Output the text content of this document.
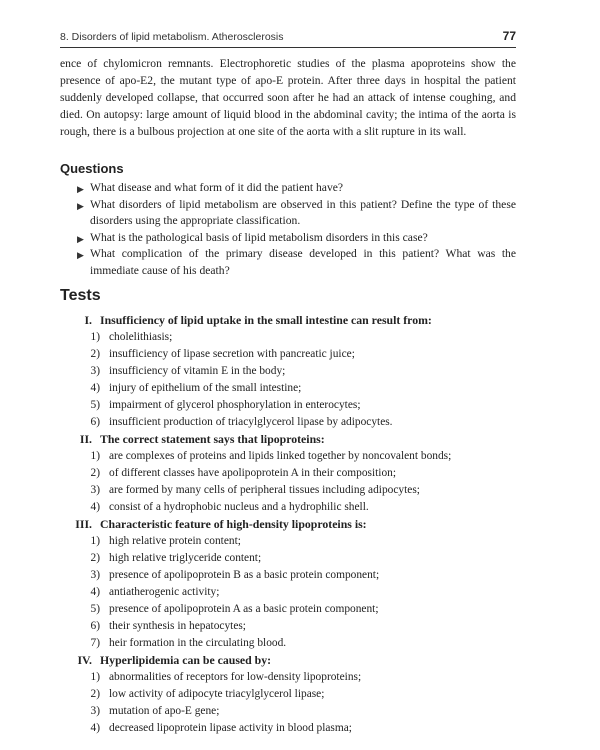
8. Disorders of lipid metabolism. Atherosclerosis	77

ence of chylomicron remnants. Electrophoretic studies of the plasma apoproteins show the presence of apo-E2, the mutant type of apo-E protein. After three days in hospital the patient suddenly developed collapse, that occurred soon after he had an attack of intense coughing, and died. On autopsy: large amount of liquid blood in the abdominal cavity; the intima of the aorta is rough, there is a bulbous projection at one site of the aorta with a slit rupture in its wall.

Questions
▶ What disease and what form of it did the patient have?
▶ What disorders of lipid metabolism are observed in this patient? Define the type of these disorders using the appropriate classification.
▶ What is the pathological basis of lipid metabolism disorders in this case?
▶ What complication of the primary disease developed in this patient? What was the immediate cause of his death?
Tests
I. Insufficiency of lipid uptake in the small intestine can result from:
1) cholelithiasis;
2) insufficiency of lipase secretion with pancreatic juice;
3) insufficiency of vitamin E in the body;
4) injury of epithelium of the small intestine;
5) impairment of glycerol phosphorylation in enterocytes;
6) insufficient production of triacylglycerol lipase by adipocytes.
II. The correct statement says that lipoproteins:
1) are complexes of proteins and lipids linked together by noncovalent bonds;
2) of different classes have apolipoprotein A in their composition;
3) are formed by many cells of peripheral tissues including adipocytes;
4) consist of a hydrophobic nucleus and a hydrophilic shell.
III. Characteristic feature of high-density lipoproteins is:
1) high relative protein content;
2) high relative triglyceride content;
3) presence of apolipoprotein B as a basic protein component;
4) antiatherogenic activity;
5) presence of apolipoprotein A as a basic protein component;
6) their synthesis in hepatocytes;
7) heir formation in the circulating blood.
IV. Hyperlipidemia can be caused by:
1) abnormalities of receptors for low-density lipoproteins;
2) low activity of adipocyte triacylglycerol lipase;
3) mutation of apo-E gene;
4) decreased lipoprotein lipase activity in blood plasma;
